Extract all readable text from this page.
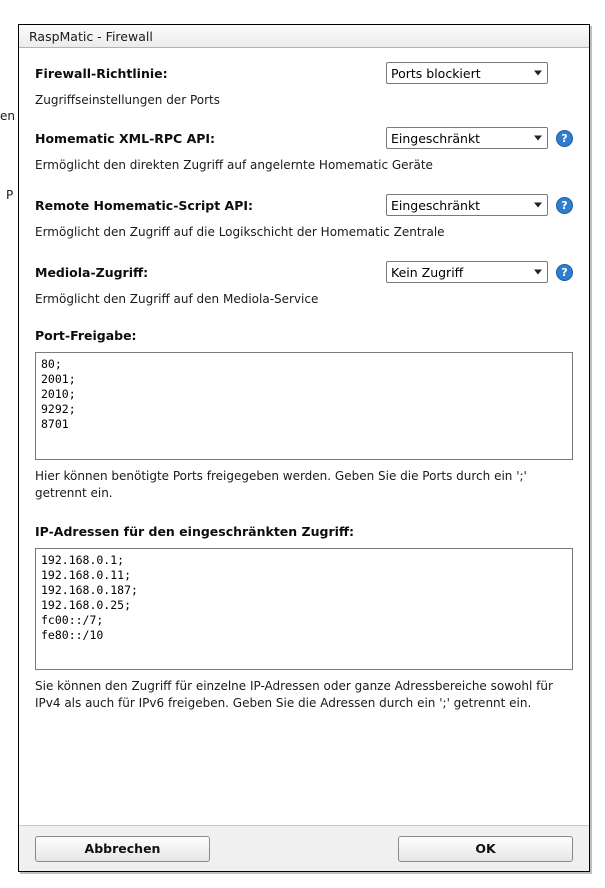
en
P
RaspMatic - Firewall
Firewall-Richtlinie:
Ports blockiert
Zugriffseinstellungen der Ports
Homematic XML-RPC API:
Eingeschränkt	?
Ermöglicht den direkten Zugriff auf angelernte Homematic Geräte
Remote Homematic-Script API:
Eingeschränkt	?
Ermöglicht den Zugriff auf die Logikschicht der Homematic Zentrale
Mediola-Zugriff:
Kein Zugriff	?
Ermöglicht den Zugriff auf den Mediola-Service
Port-Freigabe:
80; 2001; 2010; 9292; 8701
Hier können benötigte Ports freigegeben werden. Geben Sie die Ports durch ein ';' getrennt ein.
IP-Adressen für den eingeschränkten Zugriff:
192.168.0.1; 192.168.0.11; 192.168.0.187; 192.168.0.25; fc00::/7; fe80::/10
Sie können den Zugriff für einzelne IP-Adressen oder ganze Adressbereiche sowohl für IPv4 als auch für IPv6 freigeben. Geben Sie die Adressen durch ein ';' getrennt ein.
Abbrechen	OK
